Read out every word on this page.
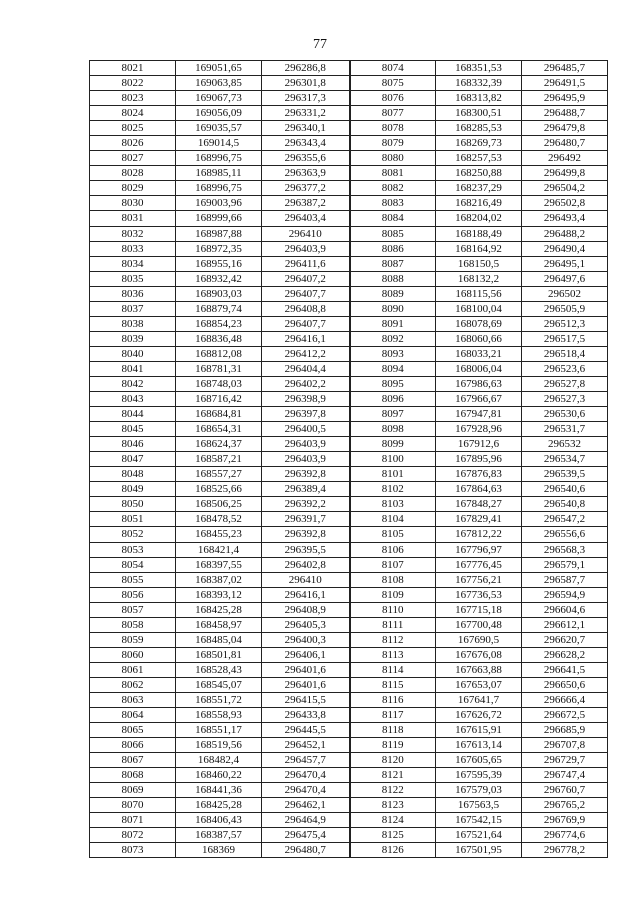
77
8021	169051,65	296286,8	8074	168351,53	296485,7
8022	169063,85	296301,8	8075	168332,39	296491,5
8023	169067,73	296317,3	8076	168313,82	296495,9
8024	169056,09	296331,2	8077	168300,51	296488,7
8025	169035,57	296340,1	8078	168285,53	296479,8
8026	169014,5	296343,4	8079	168269,73	296480,7
8027	168996,75	296355,6	8080	168257,53	296492
8028	168985,11	296363,9	8081	168250,88	296499,8
8029	168996,75	296377,2	8082	168237,29	296504,2
8030	169003,96	296387,2	8083	168216,49	296502,8
8031	168999,66	296403,4	8084	168204,02	296493,4
8032	168987,88	296410	8085	168188,49	296488,2
8033	168972,35	296403,9	8086	168164,92	296490,4
8034	168955,16	296411,6	8087	168150,5	296495,1
8035	168932,42	296407,2	8088	168132,2	296497,6
8036	168903,03	296407,7	8089	168115,56	296502
8037	168879,74	296408,8	8090	168100,04	296505,9
8038	168854,23	296407,7	8091	168078,69	296512,3
8039	168836,48	296416,1	8092	168060,66	296517,5
8040	168812,08	296412,2	8093	168033,21	296518,4
8041	168781,31	296404,4	8094	168006,04	296523,6
8042	168748,03	296402,2	8095	167986,63	296527,8
8043	168716,42	296398,9	8096	167966,67	296527,3
8044	168684,81	296397,8	8097	167947,81	296530,6
8045	168654,31	296400,5	8098	167928,96	296531,7
8046	168624,37	296403,9	8099	167912,6	296532
8047	168587,21	296403,9	8100	167895,96	296534,7
8048	168557,27	296392,8	8101	167876,83	296539,5
8049	168525,66	296389,4	8102	167864,63	296540,6
8050	168506,25	296392,2	8103	167848,27	296540,8
8051	168478,52	296391,7	8104	167829,41	296547,2
8052	168455,23	296392,8	8105	167812,22	296556,6
8053	168421,4	296395,5	8106	167796,97	296568,3
8054	168397,55	296402,8	8107	167776,45	296579,1
8055	168387,02	296410	8108	167756,21	296587,7
8056	168393,12	296416,1	8109	167736,53	296594,9
8057	168425,28	296408,9	8110	167715,18	296604,6
8058	168458,97	296405,3	8111	167700,48	296612,1
8059	168485,04	296400,3	8112	167690,5	296620,7
8060	168501,81	296406,1	8113	167676,08	296628,2
8061	168528,43	296401,6	8114	167663,88	296641,5
8062	168545,07	296401,6	8115	167653,07	296650,6
8063	168551,72	296415,5	8116	167641,7	296666,4
8064	168558,93	296433,8	8117	167626,72	296672,5
8065	168551,17	296445,5	8118	167615,91	296685,9
8066	168519,56	296452,1	8119	167613,14	296707,8
8067	168482,4	296457,7	8120	167605,65	296729,7
8068	168460,22	296470,4	8121	167595,39	296747,4
8069	168441,36	296470,4	8122	167579,03	296760,7
8070	168425,28	296462,1	8123	167563,5	296765,2
8071	168406,43	296464,9	8124	167542,15	296769,9
8072	168387,57	296475,4	8125	167521,64	296774,6
8073	168369	296480,7	8126	167501,95	296778,2
